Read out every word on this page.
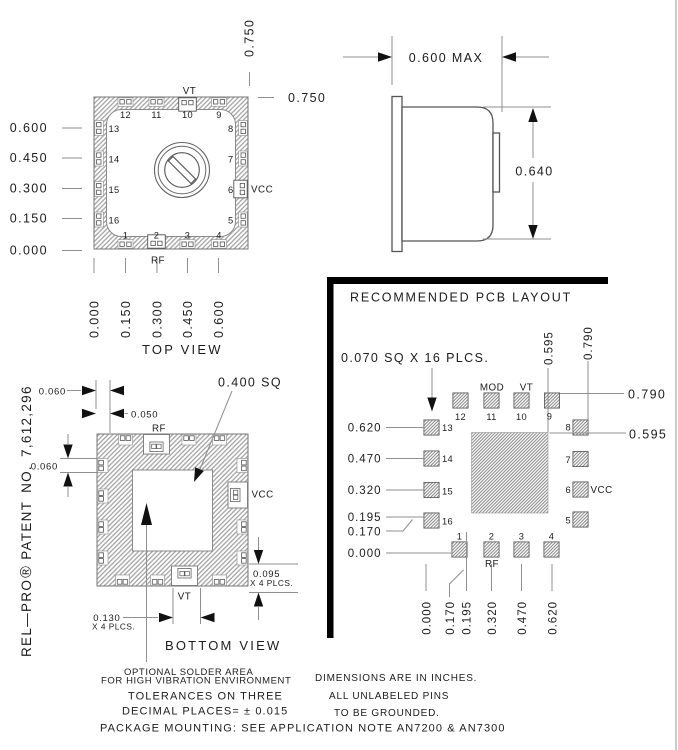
0.600
0.450
0.300
0.150
0.000
0.750
0.750
0.000 0.150 0.300 0.450 0.600
12 11 10	9
1	2	3	4
13
14
15
16
8
7
6
5
VT
RF
VCC
TOP VIEW
0.600 MAX
0.640
0.060
0.050
0.060
0.400 SQ
0.095
X 4 PLCS.
0.130
X 4 PLCS.
RF
VCC
VT
BOTTOM VIEW
REL—PRO®PATENT NO. 7,612,296
RECOMMENDED PCB LAYOUT
0.070 SQ X 16 PLCS.	0.595 0.790
0.790
0.595
0.620
0.470
0.320
0.195
0.170
0.000
0.000 0.170 0.195 0.320 0.470 0.620
12 11 10 9
MOD VT
13
14
15
16
8
7
6
5
1	2	3	4
RF
VCC
OPTIONAL SOLDER AREA
FOR HIGH VIBRATION ENVIRONMENT
TOLERANCES ON THREE
DECIMAL PLACES= ± 0.015
PACKAGE MOUNTING: SEE APPLICATION NOTE AN7200 & AN7300
DIMENSIONS ARE IN INCHES.
ALL UNLABELED PINS
TO BE GROUNDED.
